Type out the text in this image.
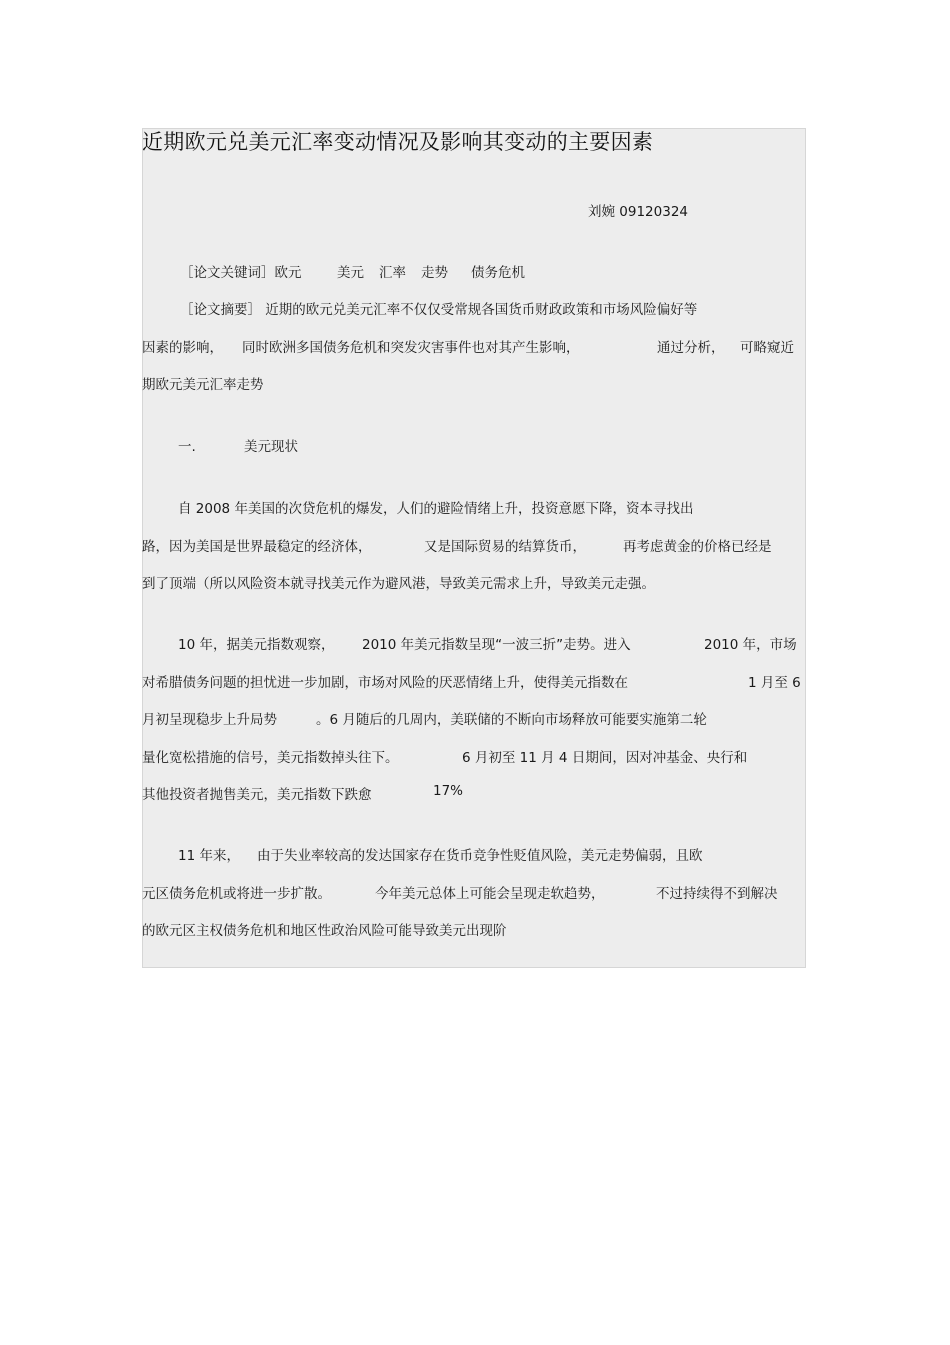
近期欧元兑美元汇率变动情况及影响其变动的主要因素
刘婉 09120324
［论文关键词］欧元	美元 汇率 走势 债务危机
［论文摘要］ 近期的欧元兑美元汇率不仅仅受常规各国货币财政政策和市场风险偏好等
因素的影响， 同时欧洲多国债务危机和突发灾害事件也对其产生影响，	通过分析， 可略窥近
期欧元美元汇率走势
一.	美元现状
自 2008 年美国的次贷危机的爆发，人们的避险情绪上升，投资意愿下降，资本寻找出
路，因为美国是世界最稳定的经济体，	又是国际贸易的结算货币，	再考虑黄金的价格已经是
到了顶端（所以风险资本就寻找美元作为避风港，导致美元需求上升，导致美元走强。
10 年，据美元指数观察， 2010 年美元指数呈现“一波三折”走势。进入	2010 年，市场
对希腊债务问题的担忧进一步加剧，市场对风险的厌恶情绪上升，使得美元指数在	1 月至 6
月初呈现稳步上升局势	。6 月随后的几周内，美联储的不断向市场释放可能要实施第二轮
量化宽松措施的信号，美元指数掉头往下。	6 月初至 11 月 4 日期间，因对冲基金、央行和
其他投资者抛售美元，美元指数下跌愈	17%
11 年来， 由于失业率较高的发达国家存在货币竞争性贬值风险，美元走势偏弱，且欧
元区债务危机或将进一步扩散。	今年美元总体上可能会呈现走软趋势，	不过持续得不到解决
的欧元区主权债务危机和地区性政治风险可能导致美元出现阶
